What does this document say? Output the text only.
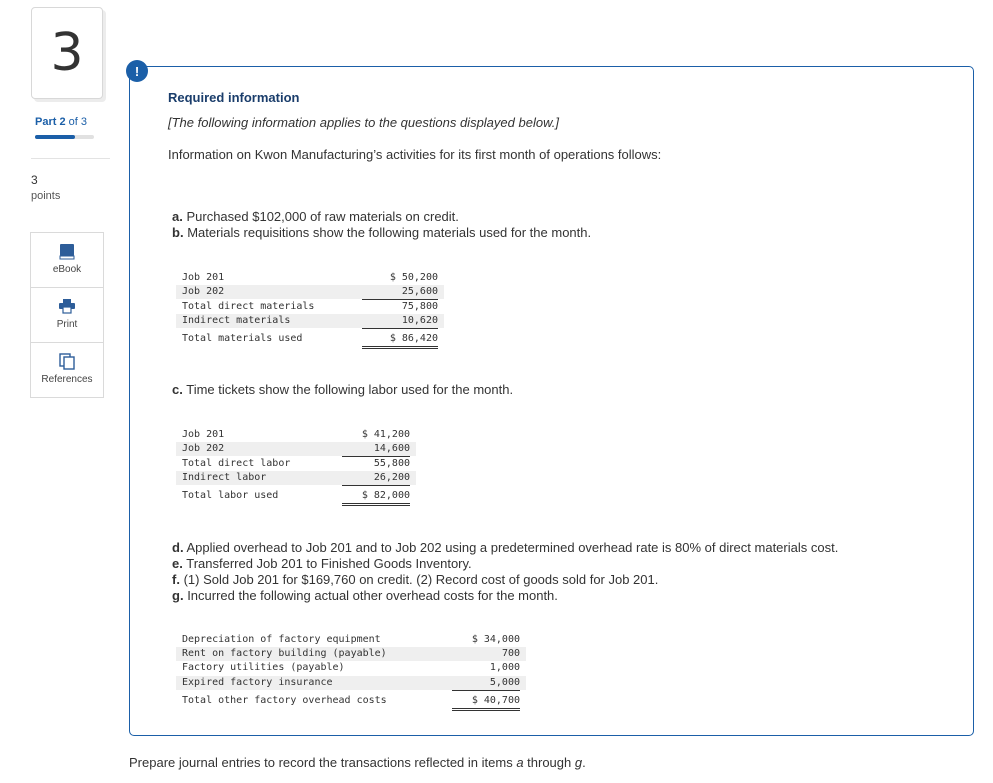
3
Part 2 of 3
3
points
eBook
Print
References
!
Required information
[The following information applies to the questions displayed below.]
Information on Kwon Manufacturing’s activities for its first month of operations follows:
a. Purchased $102,000 of raw materials on credit.
b. Materials requisitions show the following materials used for the month.
Job 201	$ 50,200
Job 202	25,600
Total direct materials	75,800
Indirect materials	10,620
Total materials used	$ 86,420
c. Time tickets show the following labor used for the month.
Job 201	$ 41,200
Job 202	14,600
Total direct labor	55,800
Indirect labor	26,200
Total labor used	$ 82,000
d. Applied overhead to Job 201 and to Job 202 using a predetermined overhead rate is 80% of direct materials cost.
e. Transferred Job 201 to Finished Goods Inventory.
f. (1) Sold Job 201 for $169,760 on credit. (2) Record cost of goods sold for Job 201.
g. Incurred the following actual other overhead costs for the month.
Depreciation of factory equipment	$ 34,000
Rent on factory building (payable)	700
Factory utilities (payable)	1,000
Expired factory insurance	5,000
Total other factory overhead costs	$ 40,700
Prepare journal entries to record the transactions reflected in items a through g.
